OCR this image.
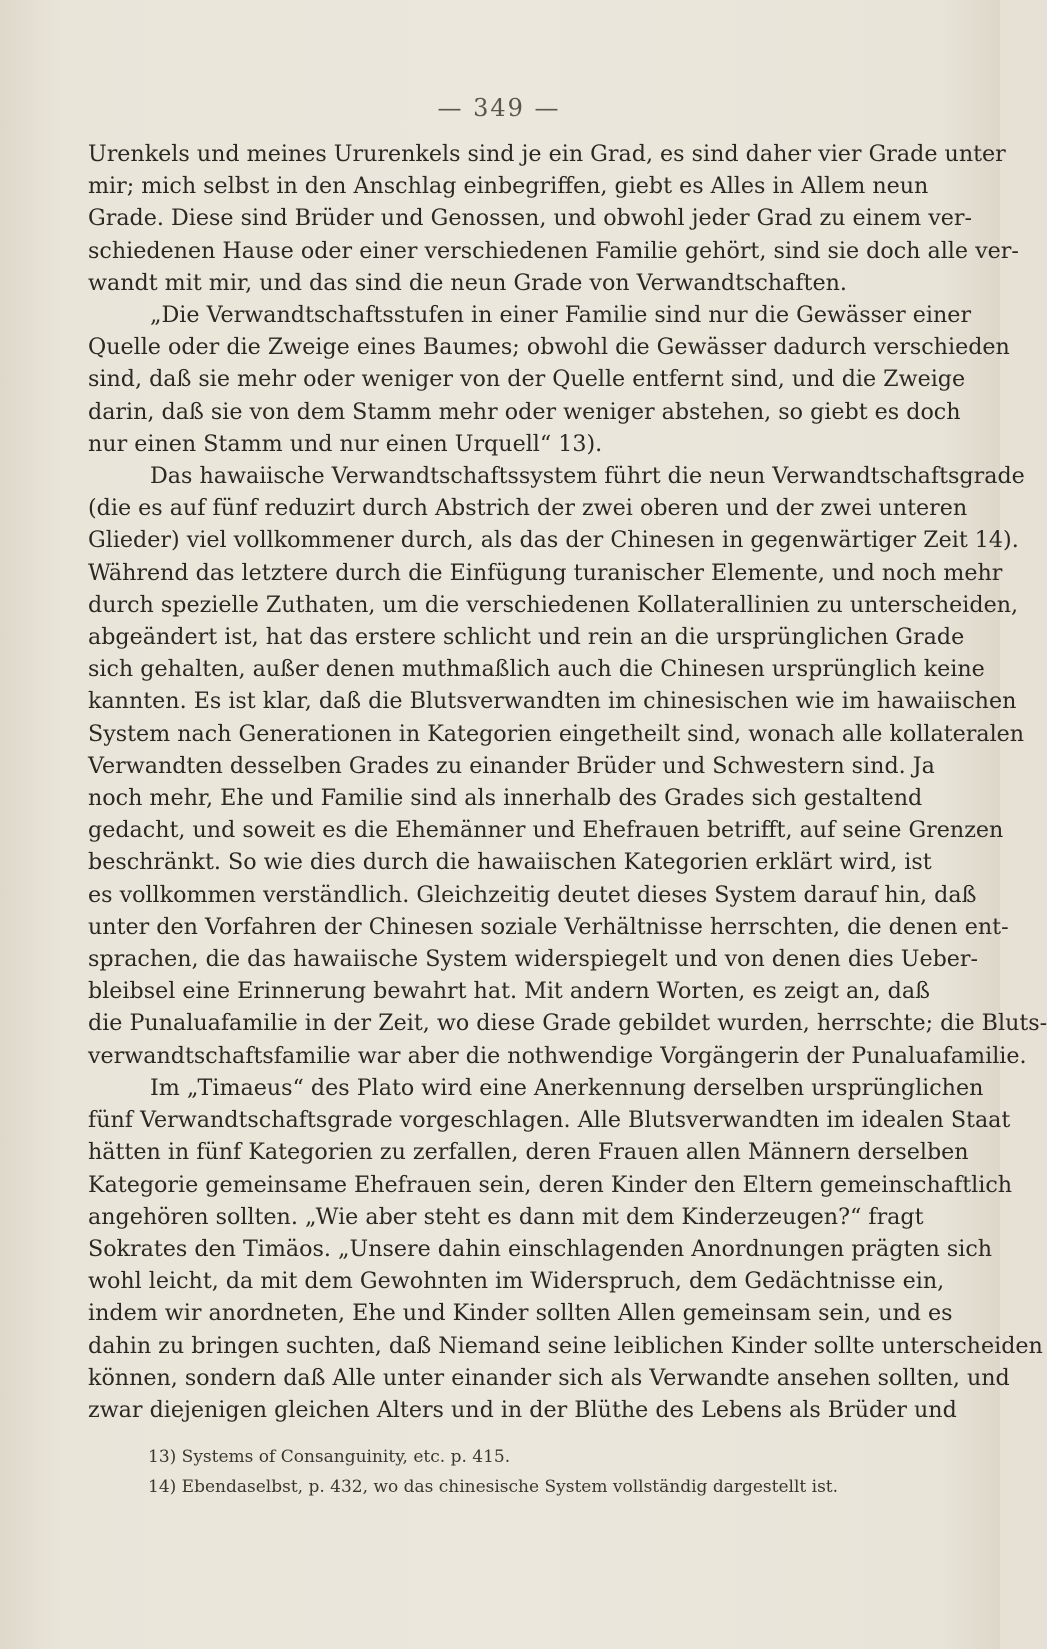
— 349 —
Urenkels und meines Ururenkels sind je ein Grad, es sind daher vier Grade unter
mir; mich selbst in den Anschlag einbegriffen, giebt es Alles in Allem neun
Grade. Diese sind Brüder und Genossen, und obwohl jeder Grad zu einem ver-
schiedenen Hause oder einer verschiedenen Familie gehört, sind sie doch alle ver-
wandt mit mir, und das sind die neun Grade von Verwandtschaften.
„Die Verwandtschaftsstufen in einer Familie sind nur die Gewässer einer
Quelle oder die Zweige eines Baumes; obwohl die Gewässer dadurch verschieden
sind, daß sie mehr oder weniger von der Quelle entfernt sind, und die Zweige
darin, daß sie von dem Stamm mehr oder weniger abstehen, so giebt es doch
nur einen Stamm und nur einen Urquell“ 13).
Das hawaiische Verwandtschaftssystem führt die neun Verwandtschaftsgrade
(die es auf fünf reduzirt durch Abstrich der zwei oberen und der zwei unteren
Glieder) viel vollkommener durch, als das der Chinesen in gegenwärtiger Zeit 14).
Während das letztere durch die Einfügung turanischer Elemente, und noch mehr
durch spezielle Zuthaten, um die verschiedenen Kollaterallinien zu unterscheiden,
abgeändert ist, hat das erstere schlicht und rein an die ursprünglichen Grade
sich gehalten, außer denen muthmaßlich auch die Chinesen ursprünglich keine
kannten. Es ist klar, daß die Blutsverwandten im chinesischen wie im hawaiischen
System nach Generationen in Kategorien eingetheilt sind, wonach alle kollateralen
Verwandten desselben Grades zu einander Brüder und Schwestern sind. Ja
noch mehr, Ehe und Familie sind als innerhalb des Grades sich gestaltend
gedacht, und soweit es die Ehemänner und Ehefrauen betrifft, auf seine Grenzen
beschränkt. So wie dies durch die hawaiischen Kategorien erklärt wird, ist
es vollkommen verständlich. Gleichzeitig deutet dieses System darauf hin, daß
unter den Vorfahren der Chinesen soziale Verhältnisse herrschten, die denen ent-
sprachen, die das hawaiische System widerspiegelt und von denen dies Ueber-
bleibsel eine Erinnerung bewahrt hat. Mit andern Worten, es zeigt an, daß
die Punaluafamilie in der Zeit, wo diese Grade gebildet wurden, herrschte; die Bluts-
verwandtschaftsfamilie war aber die nothwendige Vorgängerin der Punaluafamilie.
Im „Timaeus“ des Plato wird eine Anerkennung derselben ursprünglichen
fünf Verwandtschaftsgrade vorgeschlagen. Alle Blutsverwandten im idealen Staat
hätten in fünf Kategorien zu zerfallen, deren Frauen allen Männern derselben
Kategorie gemeinsame Ehefrauen sein, deren Kinder den Eltern gemeinschaftlich
angehören sollten. „Wie aber steht es dann mit dem Kinderzeugen?“ fragt
Sokrates den Timäos. „Unsere dahin einschlagenden Anordnungen prägten sich
wohl leicht, da mit dem Gewohnten im Widerspruch, dem Gedächtnisse ein,
indem wir anordneten, Ehe und Kinder sollten Allen gemeinsam sein, und es
dahin zu bringen suchten, daß Niemand seine leiblichen Kinder sollte unterscheiden
können, sondern daß Alle unter einander sich als Verwandte ansehen sollten, und
zwar diejenigen gleichen Alters und in der Blüthe des Lebens als Brüder und
13) Systems of Consanguinity, etc. p. 415.
14) Ebendaselbst, p. 432, wo das chinesische System vollständig dargestellt ist.
